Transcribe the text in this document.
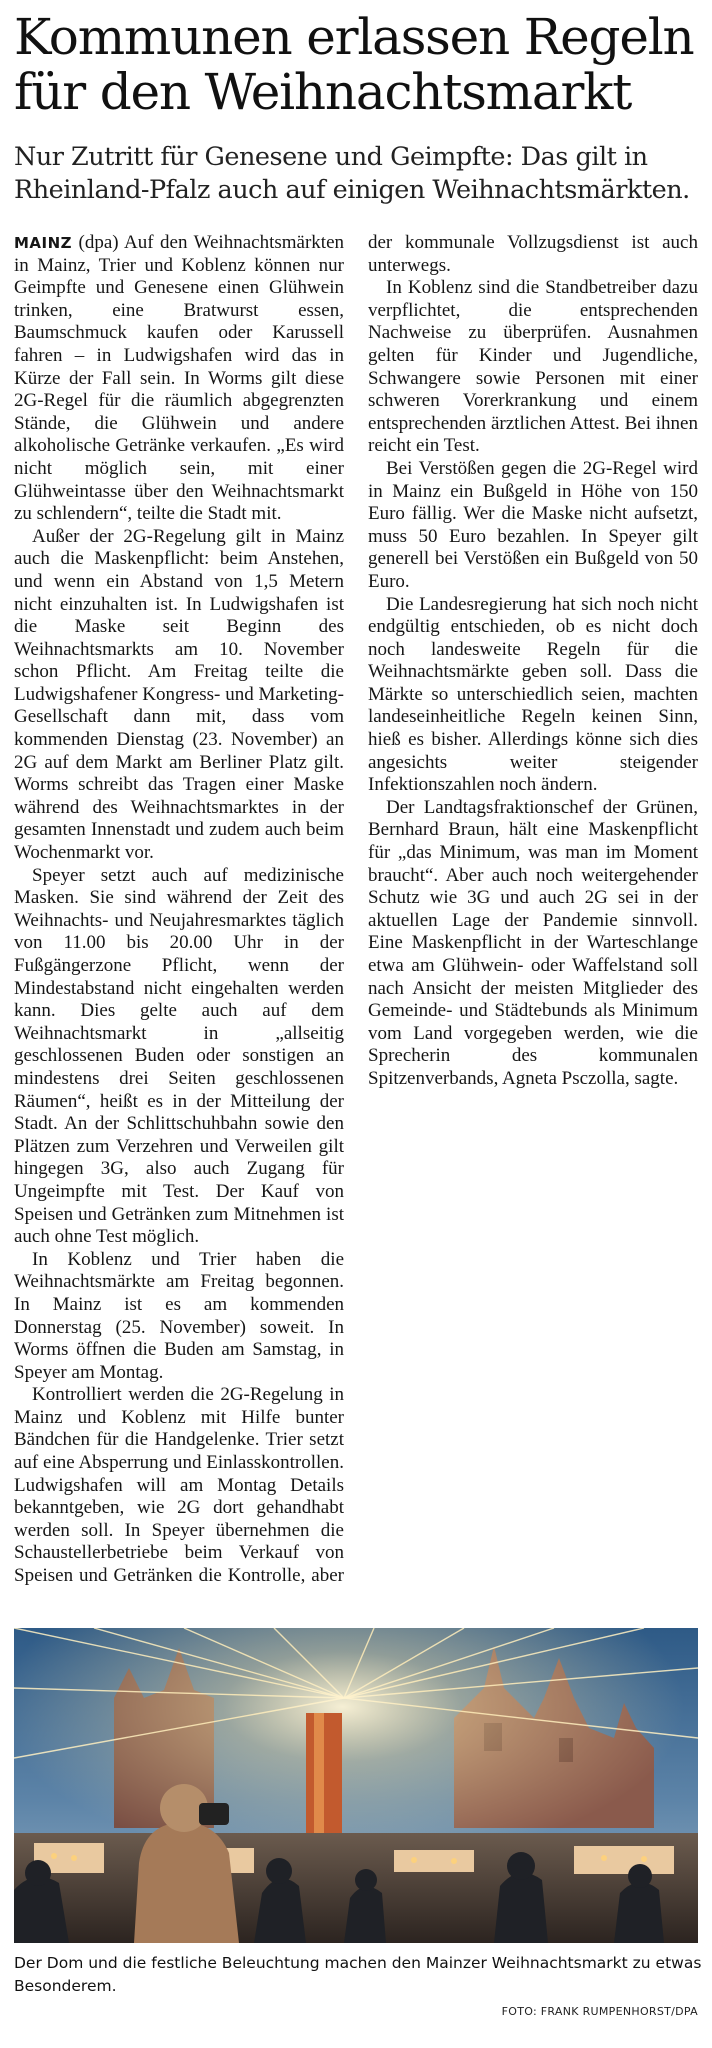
Kommunen erlassen Regeln für den Weihnachtsmarkt
Nur Zutritt für Genesene und Geimpfte: Das gilt in Rheinland-Pfalz auch auf einigen Weihnachtsmärkten.

MAINZ (dpa) Auf den Weihnachtsmärkten in Mainz, Trier und Koblenz können nur Geimpfte und Genesene einen Glühwein trinken, eine Bratwurst essen, Baumschmuck kaufen oder Karussell fahren – in Ludwigshafen wird das in Kürze der Fall sein. In Worms gilt diese 2G-Regel für die räumlich abgegrenzten Stände, die Glühwein und andere alkoholische Getränke verkaufen. „Es wird nicht möglich sein, mit einer Glühweintasse über den Weihnachtsmarkt zu schlendern“, teilte die Stadt mit.

Außer der 2G-Regelung gilt in Mainz auch die Maskenpflicht: beim Anstehen, und wenn ein Abstand von 1,5 Metern nicht einzuhalten ist. In Ludwigshafen ist die Maske seit Beginn des Weihnachtsmarkts am 10. November schon Pflicht. Am Freitag teilte die Ludwigshafener Kongress- und Marketing-Gesellschaft dann mit, dass vom kommenden Dienstag (23. November) an 2G auf dem Markt am Berliner Platz gilt. Worms schreibt das Tragen einer Maske während des Weihnachtsmarktes in der gesamten Innenstadt und zudem auch beim Wochenmarkt vor.

Speyer setzt auch auf medizinische Masken. Sie sind während der Zeit des Weihnachts- und Neujahresmarktes täglich von 11.00 bis 20.00 Uhr in der Fußgängerzone Pflicht, wenn der Mindestabstand nicht eingehalten werden kann. Dies gelte auch auf dem Weihnachtsmarkt in „allseitig geschlossenen Buden oder sonstigen an mindestens drei Seiten geschlossenen Räumen“, heißt es in der Mitteilung der Stadt. An der Schlittschuhbahn sowie den Plätzen zum Verzehren und Verweilen gilt hingegen 3G, also auch Zugang für Ungeimpfte mit Test. Der Kauf von Speisen und Getränken zum Mitnehmen ist auch ohne Test möglich.

In Koblenz und Trier haben die Weihnachtsmärkte am Freitag begonnen. In Mainz ist es am kommenden Donnerstag (25. November) soweit. In Worms öffnen die Buden am Samstag, in Speyer am Montag.

Kontrolliert werden die 2G-Regelung in Mainz und Koblenz mit Hilfe bunter Bändchen für die Handgelenke. Trier setzt auf eine Absperrung und Einlasskontrollen. Ludwigshafen will am Montag Details bekanntgeben, wie 2G dort gehandhabt werden soll. In Speyer übernehmen die Schaustellerbetriebe beim Verkauf von Speisen und Getränken die Kontrolle, aber der kommunale Vollzugsdienst ist auch unterwegs.

In Koblenz sind die Standbetreiber dazu verpflichtet, die entsprechenden Nachweise zu überprüfen. Ausnahmen gelten für Kinder und Jugendliche, Schwangere sowie Personen mit einer schweren Vorerkrankung und einem entsprechenden ärztlichen Attest. Bei ihnen reicht ein Test.

Bei Verstößen gegen die 2G-Regel wird in Mainz ein Bußgeld in Höhe von 150 Euro fällig. Wer die Maske nicht aufsetzt, muss 50 Euro bezahlen. In Speyer gilt generell bei Verstößen ein Bußgeld von 50 Euro.

Die Landesregierung hat sich noch nicht endgültig entschieden, ob es nicht doch noch landesweite Regeln für die Weihnachtsmärkte geben soll. Dass die Märkte so unterschiedlich seien, machten landeseinheitliche Regeln keinen Sinn, hieß es bisher. Allerdings könne sich dies angesichts weiter steigender Infektionszahlen noch ändern.

Der Landtagsfraktionschef der Grünen, Bernhard Braun, hält eine Maskenpflicht für „das Minimum, was man im Moment braucht“. Aber auch noch weitergehender Schutz wie 3G und auch 2G sei in der aktuellen Lage der Pandemie sinnvoll. Eine Maskenpflicht in der Warteschlange etwa am Glühwein- oder Waffelstand soll nach Ansicht der meisten Mitglieder des Gemeinde- und Städtebunds als Minimum vom Land vorgegeben werden, wie die Sprecherin des kommunalen Spitzenverbands, Agneta Psczolla, sagte.

Der Dom und die festliche Beleuchtung machen den Mainzer Weihnachtsmarkt zu etwas Besonderem.

FOTO: FRANK RUMPENHORST/DPA
